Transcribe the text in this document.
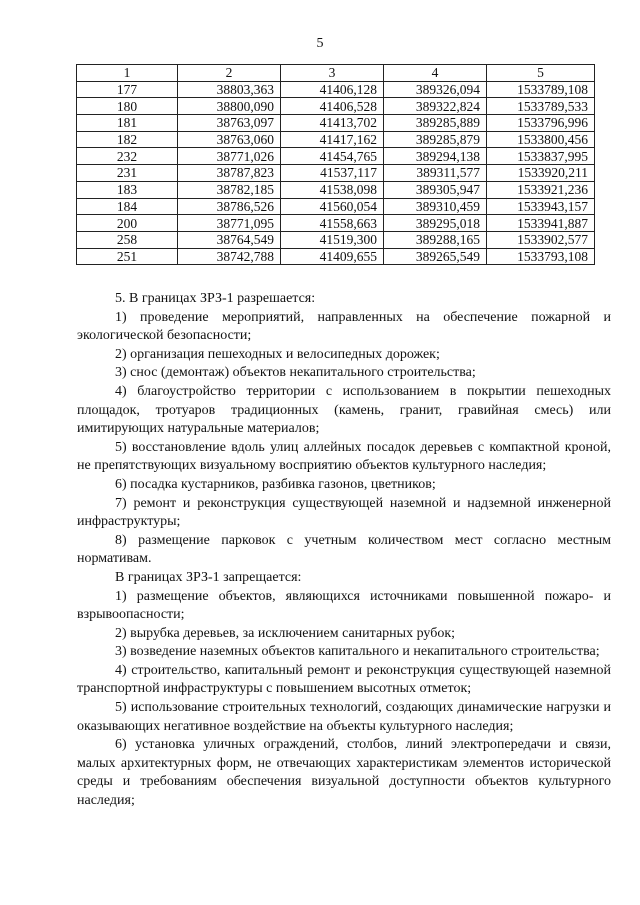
5
1	2	3	4	5
177	38803,363	41406,128	389326,094	1533789,108
180	38800,090	41406,528	389322,824	1533789,533
181	38763,097	41413,702	389285,889	1533796,996
182	38763,060	41417,162	389285,879	1533800,456
232	38771,026	41454,765	389294,138	1533837,995
231	38787,823	41537,117	389311,577	1533920,211
183	38782,185	41538,098	389305,947	1533921,236
184	38786,526	41560,054	389310,459	1533943,157
200	38771,095	41558,663	389295,018	1533941,887
258	38764,549	41519,300	389288,165	1533902,577
251	38742,788	41409,655	389265,549	1533793,108

5. В границах ЗРЗ-1 разрешается:

1) проведение мероприятий, направленных на обеспечение пожарной и экологической безопасности;

2) организация пешеходных и велосипедных дорожек;

3) снос (демонтаж) объектов некапитального строительства;

4) благоустройство территории с использованием в покрытии пешеходных площадок, тротуаров традиционных (камень, гранит, гравийная смесь) или имитирующих натуральные материалов;

5) восстановление вдоль улиц аллейных посадок деревьев с компактной кроной, не препятствующих визуальному восприятию объектов культурного наследия;

6) посадка кустарников, разбивка газонов, цветников;

7) ремонт и реконструкция существующей наземной и надземной инженерной инфраструктуры;

8) размещение парковок с учетным количеством мест согласно местным нормативам.

В границах ЗРЗ-1 запрещается:

1) размещение объектов, являющихся источниками повышенной пожаро- и взрывоопасности;

2) вырубка деревьев, за исключением санитарных рубок;

3) возведение наземных объектов капитального и некапитального строительства;

4) строительство, капитальный ремонт и реконструкция существующей наземной транспортной инфраструктуры с повышением высотных отметок;

5) использование строительных технологий, создающих динамические нагрузки и оказывающих негативное воздействие на объекты культурного наследия;

6) установка уличных ограждений, столбов, линий электропередачи и связи, малых архитектурных форм, не отвечающих характеристикам элементов исторической среды и требованиям обеспечения визуальной доступности объектов культурного наследия;
